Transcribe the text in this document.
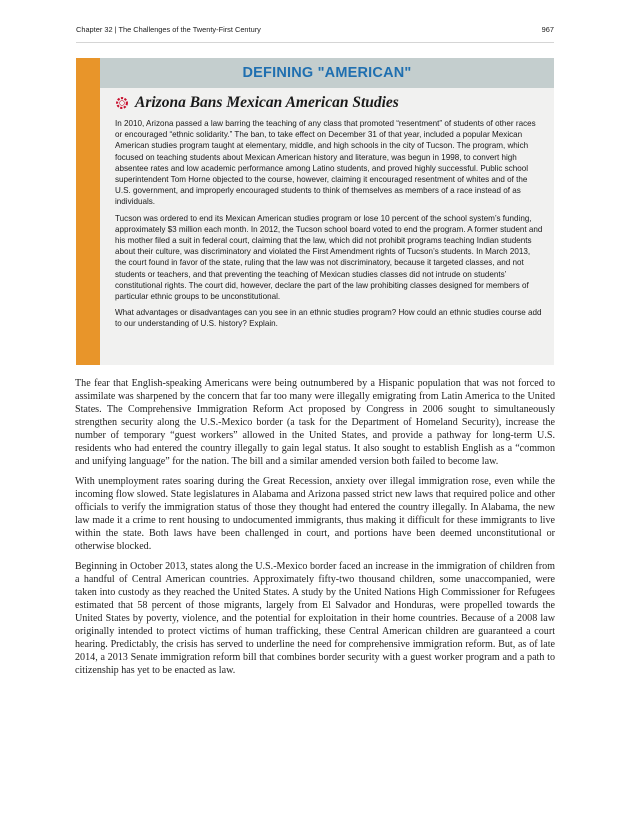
Chapter 32 | The Challenges of the Twenty-First Century	967
DEFINING "AMERICAN"
Arizona Bans Mexican American Studies

In 2010, Arizona passed a law barring the teaching of any class that promoted “resentment” of students of other races or encouraged “ethnic solidarity.” The ban, to take effect on December 31 of that year, included a popular Mexican American studies program taught at elementary, middle, and high schools in the city of Tucson. The program, which focused on teaching students about Mexican American history and literature, was begun in 1998, to convert high absentee rates and low academic performance among Latino students, and proved highly successful. Public school superintendent Tom Horne objected to the course, however, claiming it encouraged resentment of whites and of the U.S. government, and improperly encouraged students to think of themselves as members of a race instead of as individuals.

Tucson was ordered to end its Mexican American studies program or lose 10 percent of the school system’s funding, approximately $3 million each month. In 2012, the Tucson school board voted to end the program. A former student and his mother filed a suit in federal court, claiming that the law, which did not prohibit programs teaching Indian students about their culture, was discriminatory and violated the First Amendment rights of Tucson’s students. In March 2013, the court found in favor of the state, ruling that the law was not discriminatory, because it targeted classes, and not students or teachers, and that preventing the teaching of Mexican studies classes did not intrude on students’ constitutional rights. The court did, however, declare the part of the law prohibiting classes designed for members of particular ethnic groups to be unconstitutional.

What advantages or disadvantages can you see in an ethnic studies program? How could an ethnic studies course add to our understanding of U.S. history? Explain.

The fear that English-speaking Americans were being outnumbered by a Hispanic population that was not forced to assimilate was sharpened by the concern that far too many were illegally emigrating from Latin America to the United States. The Comprehensive Immigration Reform Act proposed by Congress in 2006 sought to simultaneously strengthen security along the U.S.-Mexico border (a task for the Department of Homeland Security), increase the number of temporary “guest workers” allowed in the United States, and provide a pathway for long-term U.S. residents who had entered the country illegally to gain legal status. It also sought to establish English as a “common and unifying language” for the nation. The bill and a similar amended version both failed to become law.

With unemployment rates soaring during the Great Recession, anxiety over illegal immigration rose, even while the incoming flow slowed. State legislatures in Alabama and Arizona passed strict new laws that required police and other officials to verify the immigration status of those they thought had entered the country illegally. In Alabama, the new law made it a crime to rent housing to undocumented immigrants, thus making it difficult for these immigrants to live within the state. Both laws have been challenged in court, and portions have been deemed unconstitutional or otherwise blocked.

Beginning in October 2013, states along the U.S.-Mexico border faced an increase in the immigration of children from a handful of Central American countries. Approximately fifty-two thousand children, some unaccompanied, were taken into custody as they reached the United States. A study by the United Nations High Commissioner for Refugees estimated that 58 percent of those migrants, largely from El Salvador and Honduras, were propelled towards the United States by poverty, violence, and the potential for exploitation in their home countries. Because of a 2008 law originally intended to protect victims of human trafficking, these Central American children are guaranteed a court hearing. Predictably, the crisis has served to underline the need for comprehensive immigration reform. But, as of late 2014, a 2013 Senate immigration reform bill that combines border security with a guest worker program and a path to citizenship has yet to be enacted as law.
